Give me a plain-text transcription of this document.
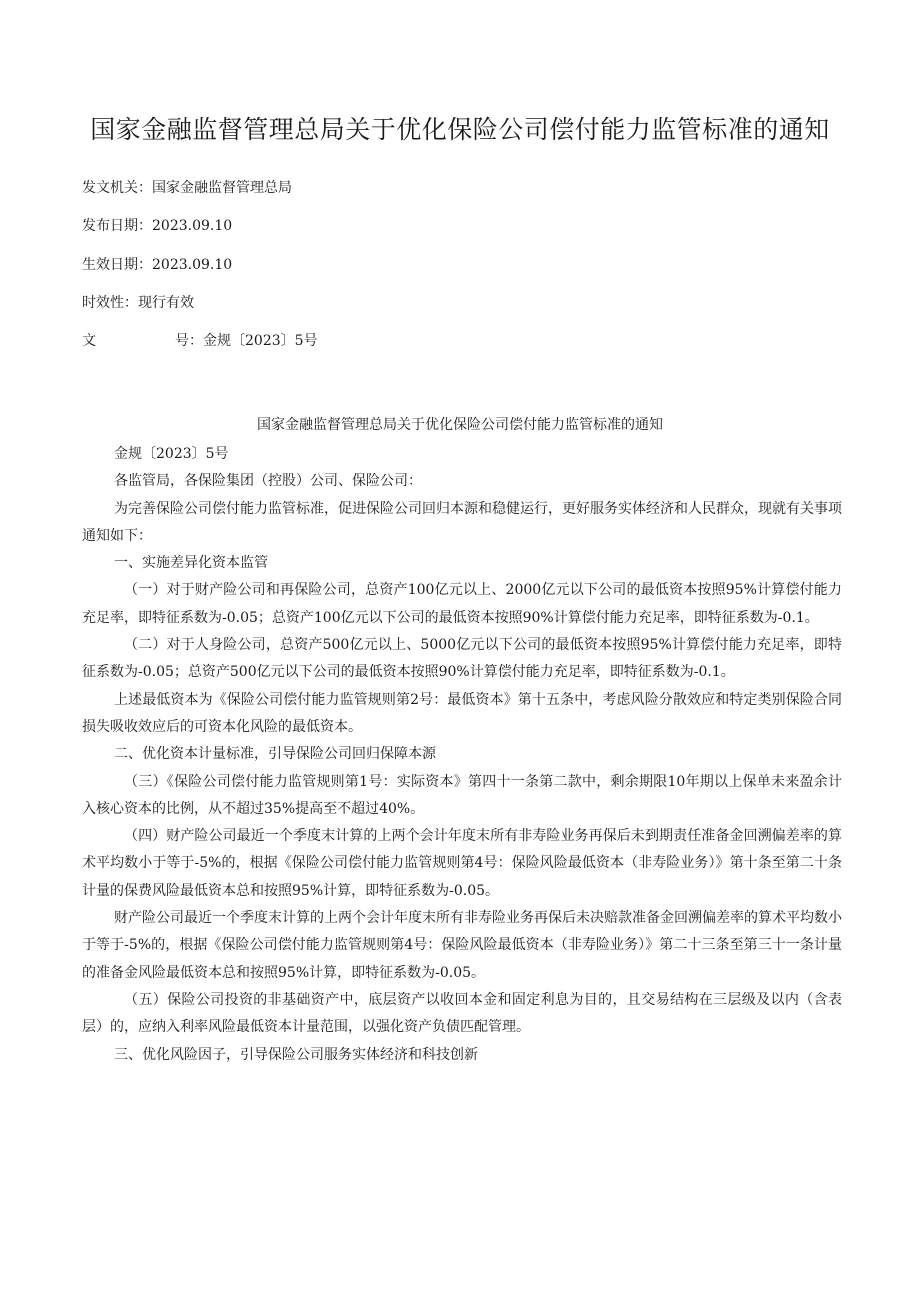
国家金融监督管理总局关于优化保险公司偿付能力监管标准的通知

发文机关：国家金融监督管理总局

发布日期：2023.09.10

生效日期：2023.09.10

时效性：现行有效

文	号：金规〔2023〕5号

国家金融监督管理总局关于优化保险公司偿付能力监管标准的通知

金规〔2023〕5号

各监管局，各保险集团（控股）公司、保险公司：

为完善保险公司偿付能力监管标准，促进保险公司回归本源和稳健运行，更好服务实体经济和人民群众，现就有关事项通知如下：

一、实施差异化资本监管

（一）对于财产险公司和再保险公司，总资产100亿元以上、2000亿元以下公司的最低资本按照95%计算偿付能力充足率，即特征系数为-0.05；总资产100亿元以下公司的最低资本按照90%计算偿付能力充足率，即特征系数为-0.1。

（二）对于人身险公司，总资产500亿元以上、5000亿元以下公司的最低资本按照95%计算偿付能力充足率，即特征系数为-0.05；总资产500亿元以下公司的最低资本按照90%计算偿付能力充足率，即特征系数为-0.1。

上述最低资本为《保险公司偿付能力监管规则第2号：最低资本》第十五条中，考虑风险分散效应和特定类别保险合同损失吸收效应后的可资本化风险的最低资本。

二、优化资本计量标准，引导保险公司回归保障本源

（三）《保险公司偿付能力监管规则第1号：实际资本》第四十一条第二款中，剩余期限10年期以上保单未来盈余计入核心资本的比例，从不超过35%提高至不超过40%。

（四）财产险公司最近一个季度末计算的上两个会计年度末所有非寿险业务再保后未到期责任准备金回溯偏差率的算术平均数小于等于-5%的，根据《保险公司偿付能力监管规则第4号：保险风险最低资本（非寿险业务）》第十条至第二十条计量的保费风险最低资本总和按照95%计算，即特征系数为-0.05。

财产险公司最近一个季度末计算的上两个会计年度末所有非寿险业务再保后未决赔款准备金回溯偏差率的算术平均数小于等于-5%的，根据《保险公司偿付能力监管规则第4号：保险风险最低资本（非寿险业务）》第二十三条至第三十一条计量的准备金风险最低资本总和按照95%计算，即特征系数为-0.05。

（五）保险公司投资的非基础资产中，底层资产以收回本金和固定利息为目的，且交易结构在三层级及以内（含表层）的，应纳入利率风险最低资本计量范围，以强化资产负债匹配管理。

三、优化风险因子，引导保险公司服务实体经济和科技创新
